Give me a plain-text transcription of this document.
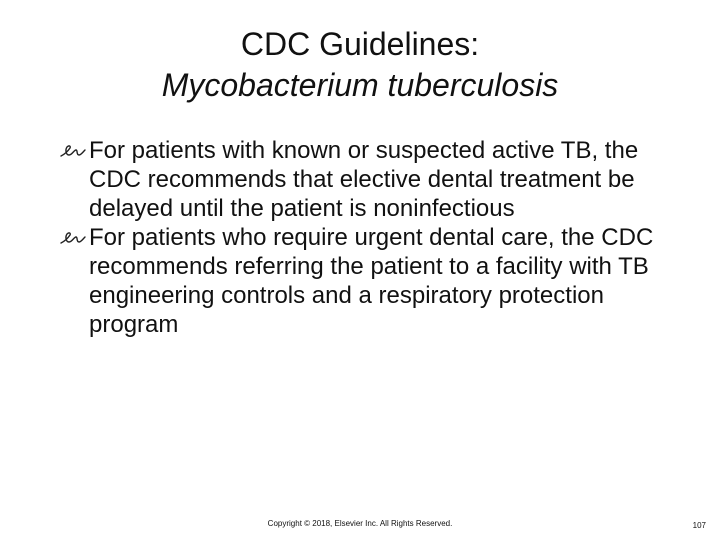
CDC Guidelines:
Mycobacterium tuberculosis
For patients with known or suspected active TB, the CDC recommends that elective dental treatment be delayed until the patient is noninfectious
For patients who require urgent dental care, the CDC recommends referring the patient to a facility with TB engineering controls and a respiratory protection program
Copyright © 2018, Elsevier Inc. All Rights Reserved.	107
